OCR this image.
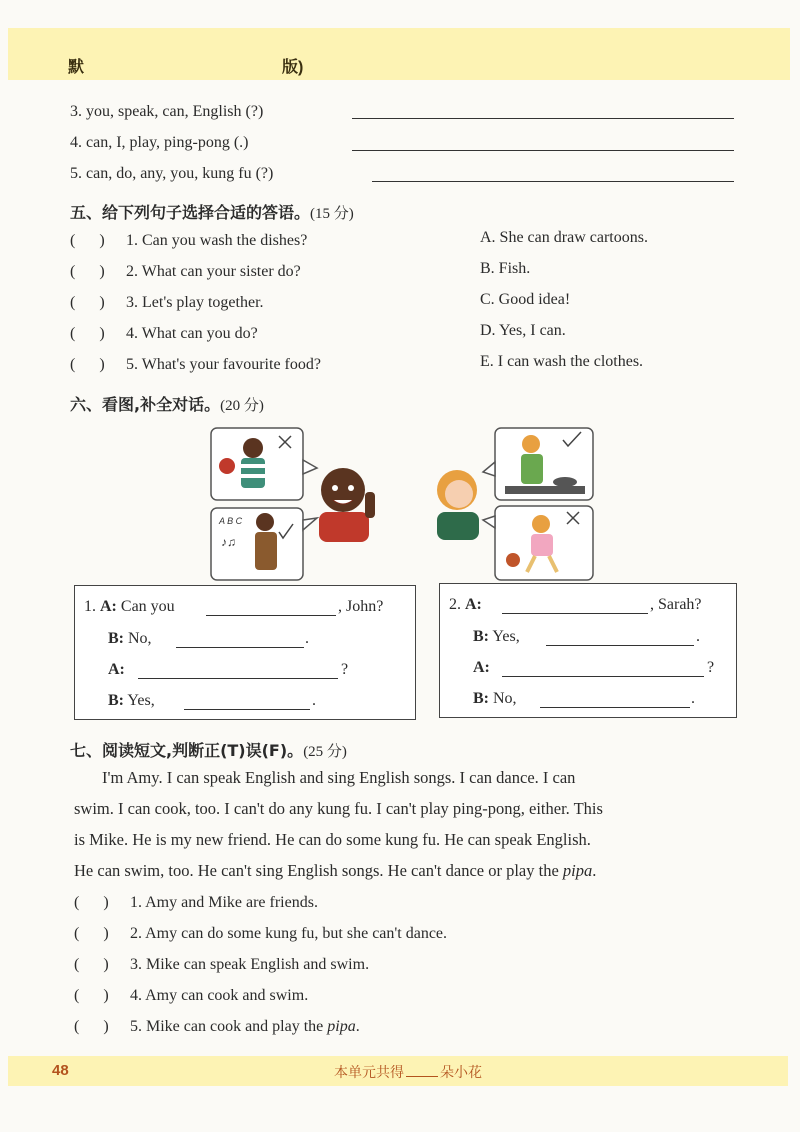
默	版)
3. you, speak, can, English (?)
4. can, I, play, ping-pong (.)
5. can, do, any, you, kung fu (?)
五、给下列句子选择合适的答语。(15 分)
(      ) 1. Can you wash the dishes?
(      ) 2. What can your sister do?
(      ) 3. Let's play together.
(      ) 4. What can you do?
(      ) 5. What's your favourite food?
A. She can draw cartoons.
B. Fish.
C. Good idea!
D. Yes, I can.
E. I can wash the clothes.
六、看图,补全对话。(20 分)
A B C
♪♫
1. A: Can you	, John?
B: No,	.
A:	?
B: Yes,	.
2. A:	, Sarah?
B: Yes,	.
A:	?
B: No,	.
七、阅读短文,判断正(T)误(F)。(25 分)
I'm Amy. I can speak English and sing English songs. I can dance. I can
swim. I can cook, too. I can't do any kung fu. I can't play ping-pong, either. This
is Mike. He is my new friend. He can do some kung fu. He can speak English.
He can swim, too. He can't sing English songs. He can't dance or play the pipa.
(      ) 1. Amy and Mike are friends.
(      ) 2. Amy can do some kung fu, but she can't dance.
(      ) 3. Mike can speak English and swim.
(      ) 4. Amy can cook and swim.
(      ) 5. Mike can cook and play the pipa.
48	本单元共得	朵小花
